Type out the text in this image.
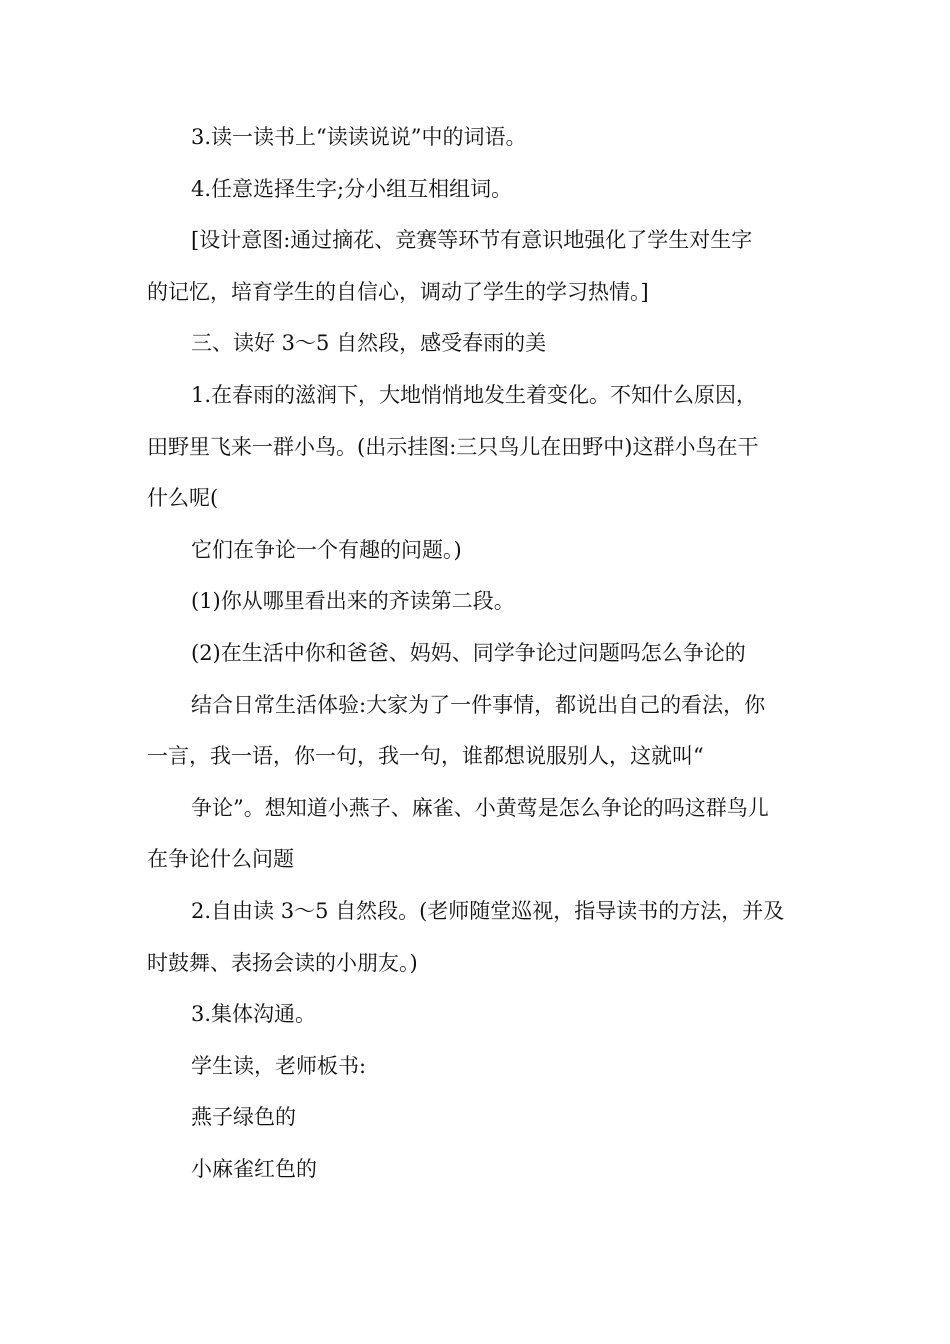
3.读一读书上“读读说说”中的词语。

4.任意选择生字;分小组互相组词。

[设计意图:通过摘花、竞赛等环节有意识地强化了学生对生字

的记忆，培育学生的自信心，调动了学生的学习热情。]

三、读好 3～5 自然段，感受春雨的美

1.在春雨的滋润下，大地悄悄地发生着变化。不知什么原因，

田野里飞来一群小鸟。(出示挂图:三只鸟儿在田野中)这群小鸟在干

什么呢(

它们在争论一个有趣的问题。)

(1)你从哪里看出来的齐读第二段。

(2)在生活中你和爸爸、妈妈、同学争论过问题吗怎么争论的

结合日常生活体验:大家为了一件事情，都说出自己的看法，你

一言，我一语，你一句，我一句，谁都想说服别人，这就叫“

争论”。想知道小燕子、麻雀、小黄莺是怎么争论的吗这群鸟儿

在争论什么问题

2.自由读 3～5 自然段。(老师随堂巡视，指导读书的方法，并及

时鼓舞、表扬会读的小朋友。)

3.集体沟通。

学生读，老师板书:

燕子绿色的

小麻雀红色的
